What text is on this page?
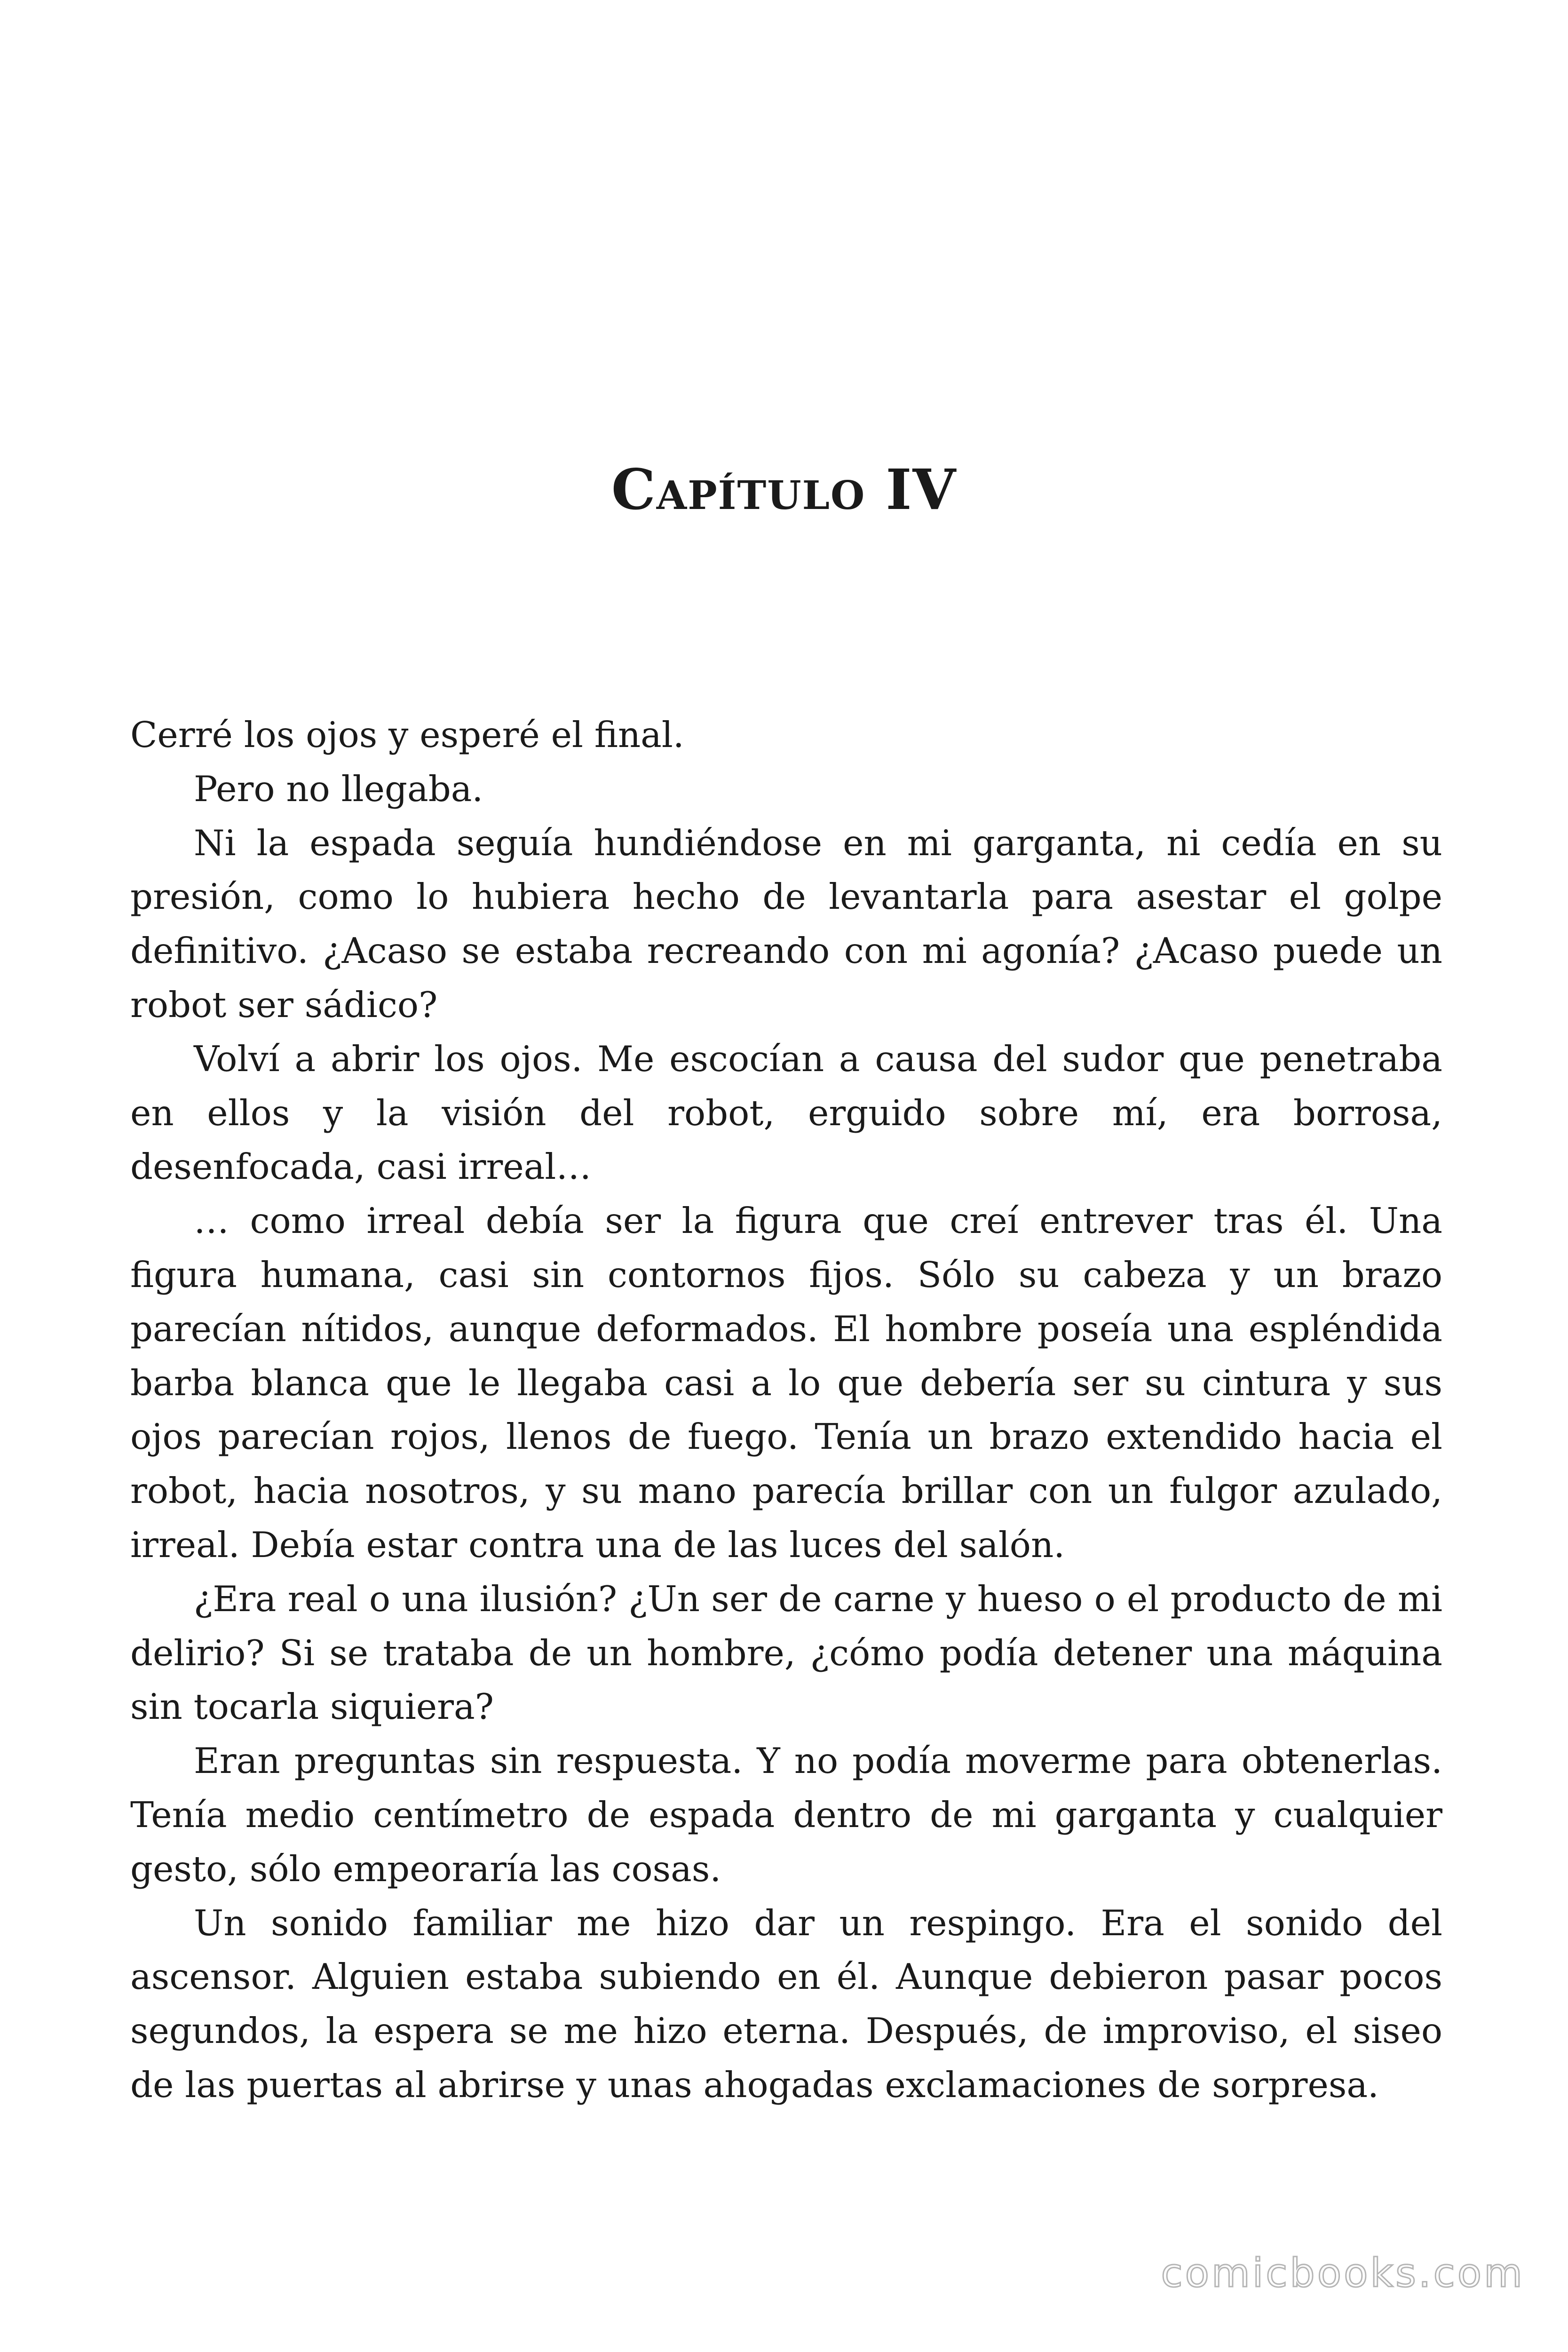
Capítulo IV

Cerré los ojos y esperé el final.

Pero no llegaba.

Ni la espada seguía hundiéndose en mi garganta, ni cedía en su presión, como lo hubiera hecho de levantarla para asestar el golpe definitivo. ¿Acaso se estaba recreando con mi agonía? ¿Acaso puede un robot ser sádico?

Volví a abrir los ojos. Me escocían a causa del sudor que penetraba en ellos y la visión del robot, erguido sobre mí, era borrosa, desenfocada, casi irreal…

… como irreal debía ser la figura que creí entrever tras él. Una figura humana, casi sin contornos fijos. Sólo su cabeza y un brazo parecían nítidos, aunque deformados. El hombre poseía una espléndida barba blanca que le llegaba casi a lo que debería ser su cintura y sus ojos parecían rojos, llenos de fuego. Tenía un brazo extendido hacia el robot, hacia nosotros, y su mano parecía brillar con un fulgor azulado, irreal. Debía estar contra una de las luces del salón.

¿Era real o una ilusión? ¿Un ser de carne y hueso o el producto de mi delirio? Si se trataba de un hombre, ¿cómo podía detener una máquina sin tocarla siquiera?

Eran preguntas sin respuesta. Y no podía moverme para obtenerlas. Tenía medio centímetro de espada dentro de mi garganta y cualquier gesto, sólo empeoraría las cosas.

Un sonido familiar me hizo dar un respingo. Era el sonido del ascensor. Alguien estaba subiendo en él. Aunque debieron pasar pocos segundos, la espera se me hizo eterna. Después, de improviso, el siseo de las puertas al abrirse y unas ahogadas exclamaciones de sorpresa.

comicbooks.com
